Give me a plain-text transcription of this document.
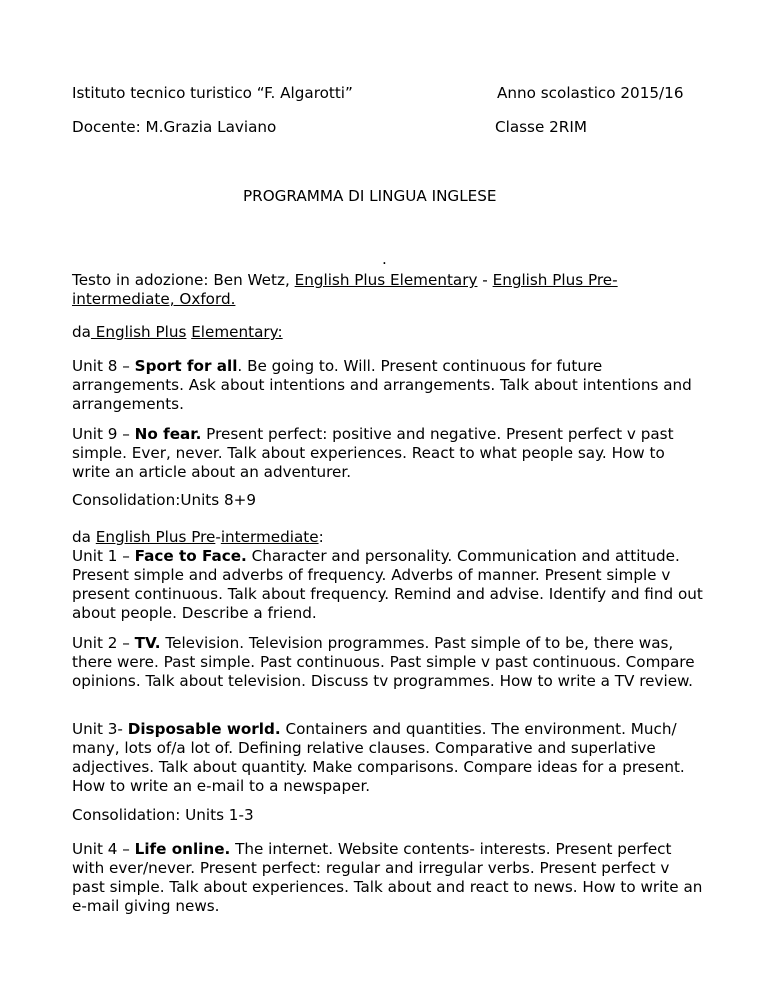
Istituto tecnico turistico “F. Algarotti”	Anno scolastico 2015/16
Docente: M.Grazia Laviano	Classe 2RIM
PROGRAMMA DI LINGUA INGLESE
.
Testo in adozione: Ben Wetz, English Plus Elementary - English Plus Pre-
intermediate, Oxford.
da English Plus Elementary:

Unit 8 – Sport for all. Be going to. Will. Present continuous for future arrangements. Ask about intentions and arrangements. Talk about intentions and arrangements.

Unit 9 – No fear. Present perfect: positive and negative. Present perfect v past simple. Ever, never. Talk about experiences. React to what people say. How to write an article about an adventurer.

Consolidation:Units 8+9
da English Plus Pre-intermediate:

Unit 1 – Face to Face. Character and personality. Communication and attitude. Present simple and adverbs of frequency. Adverbs of manner. Present simple v present continuous. Talk about frequency. Remind and advise. Identify and find out about people. Describe a friend.

Unit 2 – TV. Television. Television programmes. Past simple of to be, there was, there were. Past simple. Past continuous. Past simple v past continuous. Compare opinions. Talk about television. Discuss tv programmes. How to write a TV review.

Unit 3- Disposable world. Containers and quantities. The environment. Much/ many, lots of/a lot of. Defining relative clauses. Comparative and superlative adjectives. Talk about quantity. Make comparisons. Compare ideas for a present. How to write an e-mail to a newspaper.

Consolidation: Units 1-3

Unit 4 – Life online. The internet. Website contents- interests. Present perfect with ever/never. Present perfect: regular and irregular verbs. Present perfect v past simple. Talk about experiences. Talk about and react to news. How to write an e-mail giving news.
